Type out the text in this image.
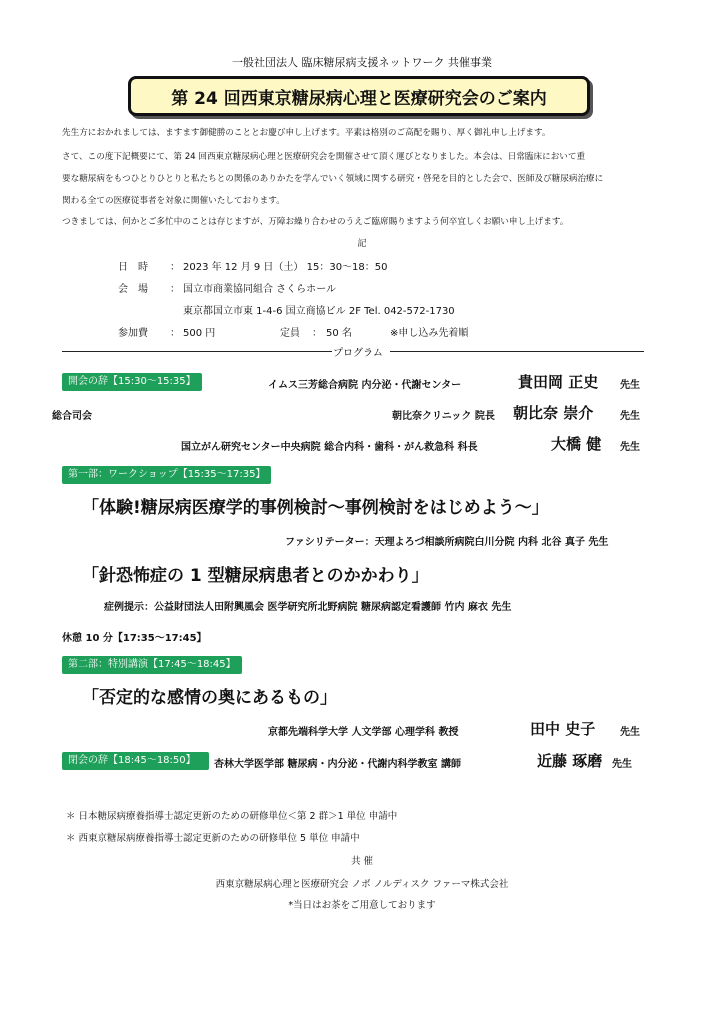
一般社団法人 臨床糖尿病支援ネットワーク 共催事業
第 24 回西東京糖尿病心理と医療研究会のご案内
先生方におかれましては、ますます御健勝のこととお慶び申し上げます。平素は格別のご高配を賜り、厚く御礼申し上げます。
さて、この度下記概要にて、第 24 回西東京糖尿病心理と医療研究会を開催させて頂く運びとなりました。本会は、日常臨床において重
要な糖尿病をもつひとりひとりと私たちとの関係のありかたを学んでいく領域に関する研究・啓発を目的とした会で、医師及び糖尿病治療に
関わる全ての医療従事者を対象に開催いたしております。
つきましては、何かとご多忙中のことは存じますが、万障お繰り合わせのうえご臨席賜りますよう何卒宜しくお願い申し上げます。
記
日　時 ： 2023 年 12 月 9 日（土） 15：30～18：50
会　場 ： 国立市商業協同組合 さくらホール
東京都国立市東 1-4-6 国立商協ビル 2F Tel. 042-572-1730
参加費 ： 500 円	定員 ： 50 名	※申し込み先着順
プログラム
開会の辞【15:30～15:35】	イムス三芳総合病院 内分泌・代謝センター	貴田岡 正史 先生
総合司会	朝比奈クリニック 院長 朝比奈 崇介	先生
国立がん研究センター中央病院 総合内科・歯科・がん救急科 科長	大橋 健 先生
第一部：ワークショップ【15:35～17:35】
「体験!糖尿病医療学的事例検討～事例検討をはじめよう～」
ファシリテーター：天理よろづ相談所病院白川分院 内科 北谷 真子 先生
「針恐怖症の 1 型糖尿病患者とのかかわり」
症例提示：公益財団法人田附興風会 医学研究所北野病院 糖尿病認定看護師 竹内 麻衣 先生
休憩 10 分【17:35～17:45】
第二部：特別講演【17:45～18:45】
「否定的な感情の奥にあるもの」
京都先端科学大学 人文学部 心理学科 教授	田中 史子 先生
閉会の辞【18:45～18:50】	杏林大学医学部 糖尿病・内分泌・代謝内科学教室 講師	近藤 琢磨 先生
＊ 日本糖尿病療養指導士認定更新のための研修単位＜第 2 群＞1 単位 申請中
＊ 西東京糖尿病療養指導士認定更新のための研修単位 5 単位 申請中
共 催
西東京糖尿病心理と医療研究会 ノボ ノルディスク ファーマ株式会社
*当日はお茶をご用意しております
